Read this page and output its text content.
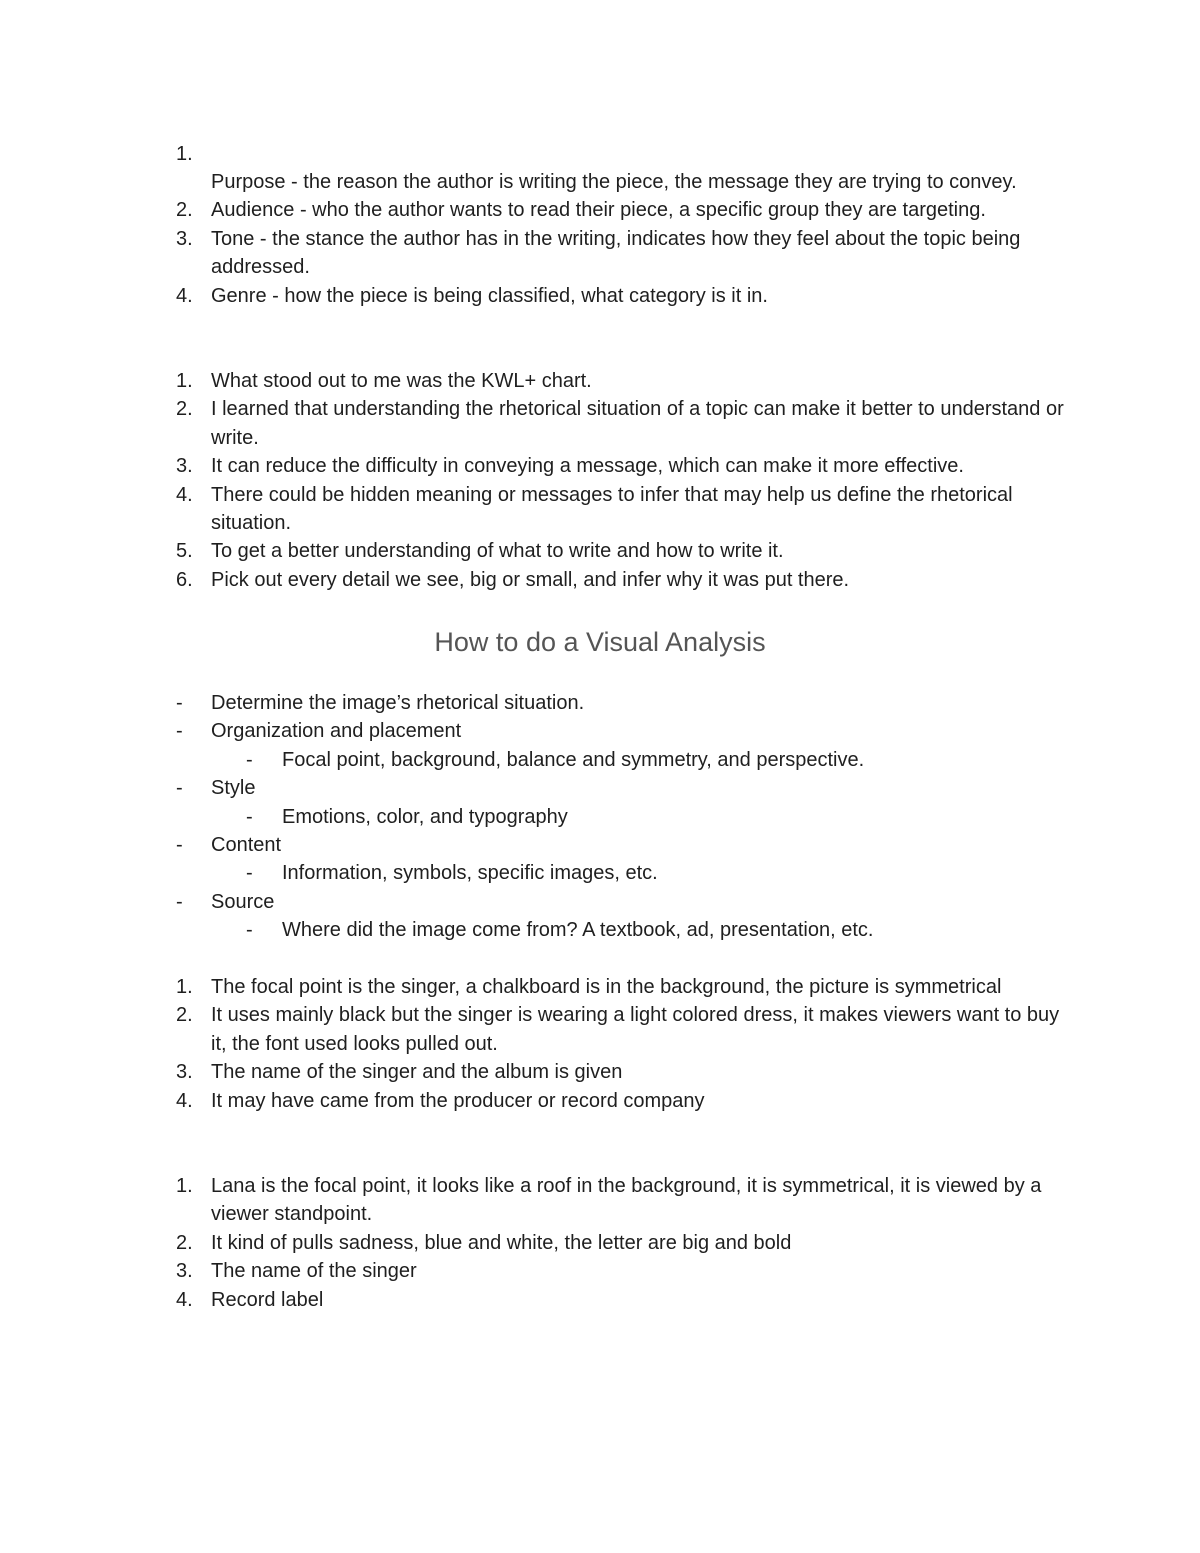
1.
Purpose - the reason the author is writing the piece, the message they are trying to convey.
2. Audience - who the author wants to read their piece, a specific group they are targeting.
3. Tone - the stance the author has in the writing, indicates how they feel about the topic being addressed.
4. Genre - how the piece is being classified, what category is it in.
1. What stood out to me was the KWL+ chart.
2. I learned that understanding the rhetorical situation of a topic can make it better to understand or write.
3. It can reduce the difficulty in conveying a message, which can make it more effective.
4. There could be hidden meaning or messages to infer that may help us define the rhetorical situation.
5. To get a better understanding of what to write and how to write it.
6. Pick out every detail we see, big or small, and infer why it was put there.
How to do a Visual Analysis
- Determine the image’s rhetorical situation.
- Organization and placement
- Focal point, background, balance and symmetry, and perspective.
- Style
- Emotions, color, and typography
- Content
- Information, symbols, specific images, etc.
- Source
- Where did the image come from? A textbook, ad, presentation, etc.
1. The focal point is the singer, a chalkboard is in the background, the picture is symmetrical
2. It uses mainly black but the singer is wearing a light colored dress, it makes viewers want to buy it, the font used looks pulled out.
3. The name of the singer and the album is given
4. It may have came from the producer or record company
1. Lana is the focal point, it looks like a roof in the background, it is symmetrical, it is viewed by a viewer standpoint.
2. It kind of pulls sadness, blue and white, the letter are big and bold
3. The name of the singer
4. Record label
